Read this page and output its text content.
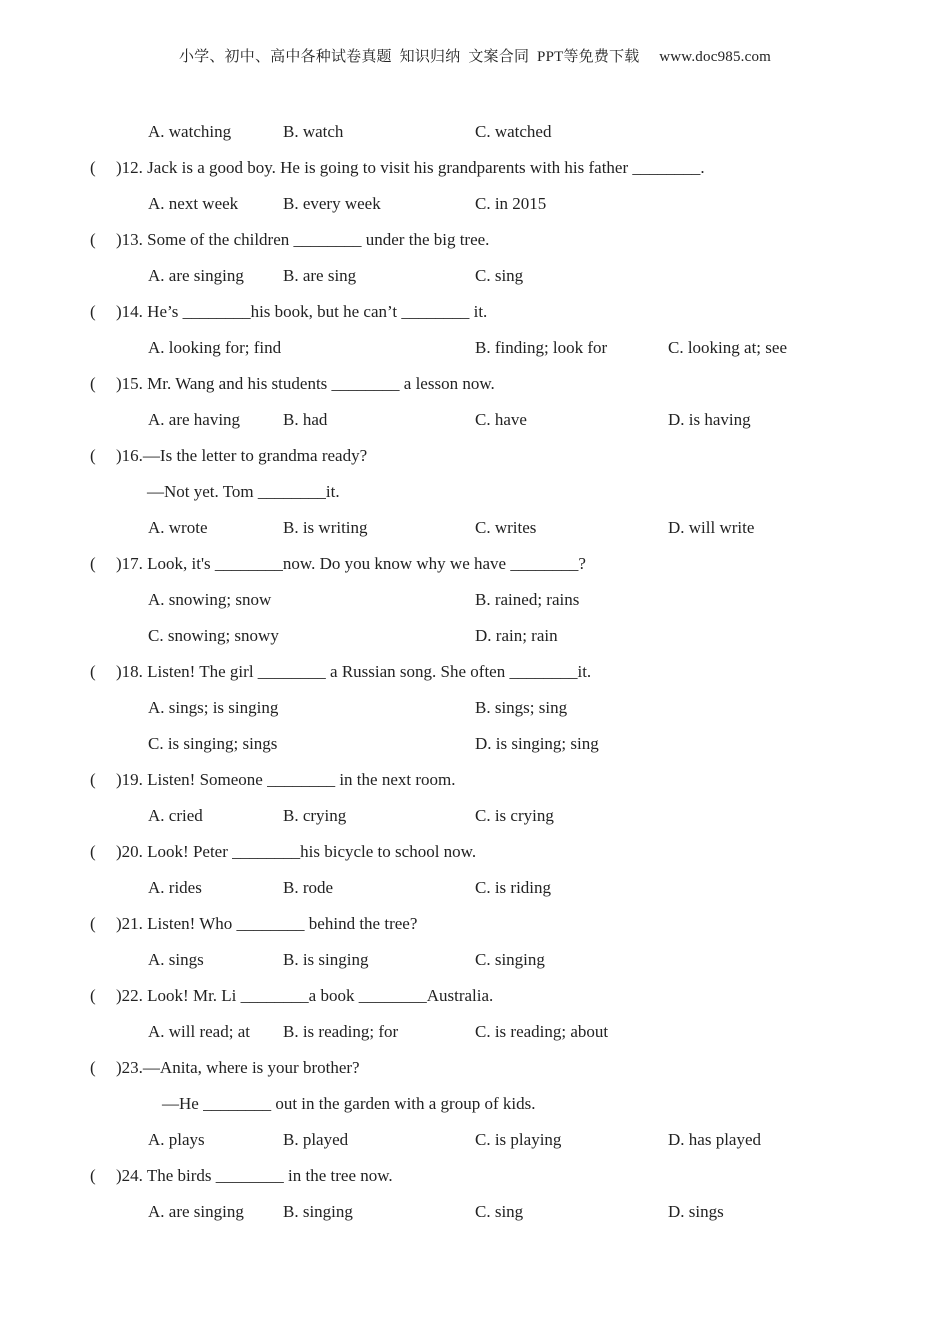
小学、初中、高中各种试卷真题  知识归纳  文案合同  PPT等免费下载     www.doc985.com
A. watching	B. watch	C. watched
( )12. Jack is a good boy. He is going to visit his grandparents with his father ________.
A. next week	B. every week	C. in 2015
( )13. Some of the children ________ under the big tree.
A. are singing B. are sing	C. sing
( )14. He’s ________his book, but he can’t ________ it.
A. looking for; find	B. finding; look for	C. looking at; see
( )15. Mr. Wang and his students ________ a lesson now.
A. are having	B. had	C. have	D. is having
( )16.—Is the letter to grandma ready?
—Not yet. Tom ________it.
A. wrote	B. is writing	C. writes	D. will write
( )17. Look, it's ________now. Do you know why we have ________?
A. snowing; snow	B. rained; rains
C. snowing; snowy	D. rain; rain
( )18. Listen! The girl ________ a Russian song. She often ________it.
A. sings; is singing	B. sings; sing
C. is singing; sings	D. is singing; sing
( )19. Listen! Someone ________ in the next room.
A. cried	B. crying	C. is crying
( )20. Look! Peter ________his bicycle to school now.
A. rides	B. rode	C. is riding
( )21. Listen! Who ________ behind the tree?
A. sings	B. is singing	C. singing
( )22. Look! Mr. Li ________a book ________Australia.
A. will read; at B. is reading; for	C. is reading; about
( )23.—Anita, where is your brother?
—He ________ out in the garden with a group of kids.
A. plays	B. played	C. is playing	D. has played
( )24. The birds ________ in the tree now.
A. are singing B. singing	C. sing	D. sings
